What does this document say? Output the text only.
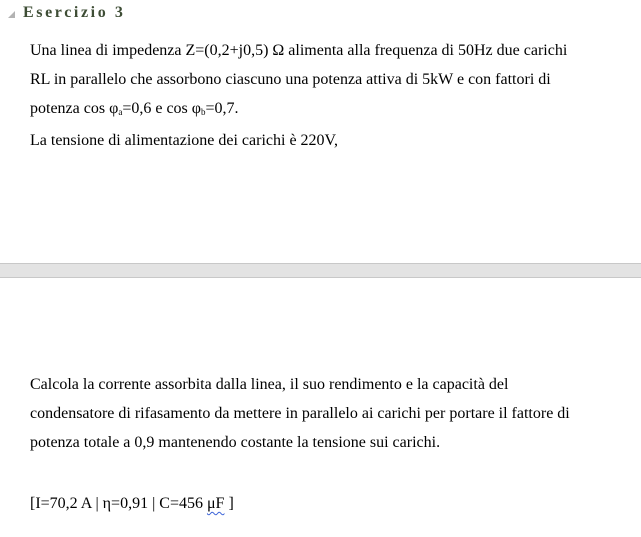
Esercizio 3

Una linea di impedenza Z=(0,2+j0,5) Ω alimenta alla frequenza di 50Hz due carichi
RL in parallelo che assorbono ciascuno una potenza attiva di 5kW e con fattori di
potenza $\cos \varphi_a=0,6$ e $\cos \varphi_b=0,7$.

La tensione di alimentazione dei carichi è 220V,

Calcola la corrente assorbita dalla linea, il suo rendimento e la capacità del
condensatore di rifasamento da mettere in parallelo ai carichi per portare il fattore di
potenza totale a 0,9 mantenendo costante la tensione sui carichi.

[I=70,2 A | η=0,91 | C=456 μF ]
